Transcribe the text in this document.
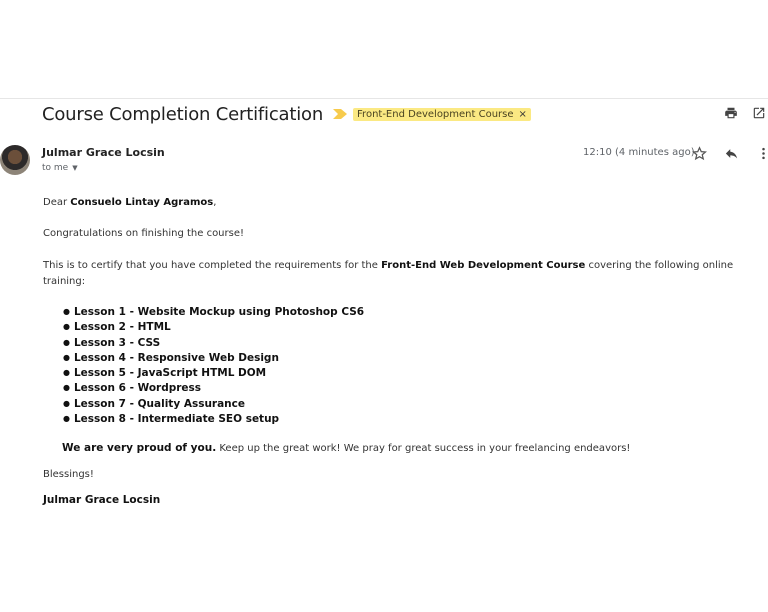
Course Completion Certification	Front-End Development Course ×
Julmar Grace Locsin
to me ▼
12:10 (4 minutes ago)

Dear Consuelo Lintay Agramos,

Congratulations on finishing the course!

This is to certify that you have completed the requirements for the Front-End Web Development Course covering the following online training:

● Lesson 1 - Website Mockup using Photoshop CS6
● Lesson 2 - HTML
● Lesson 3 - CSS
● Lesson 4 - Responsive Web Design
● Lesson 5 - JavaScript HTML DOM
● Lesson 6 - Wordpress
● Lesson 7 - Quality Assurance
● Lesson 8 - Intermediate SEO setup

We are very proud of you. Keep up the great work! We pray for great success in your freelancing endeavors!

Blessings!

Julmar Grace Locsin
